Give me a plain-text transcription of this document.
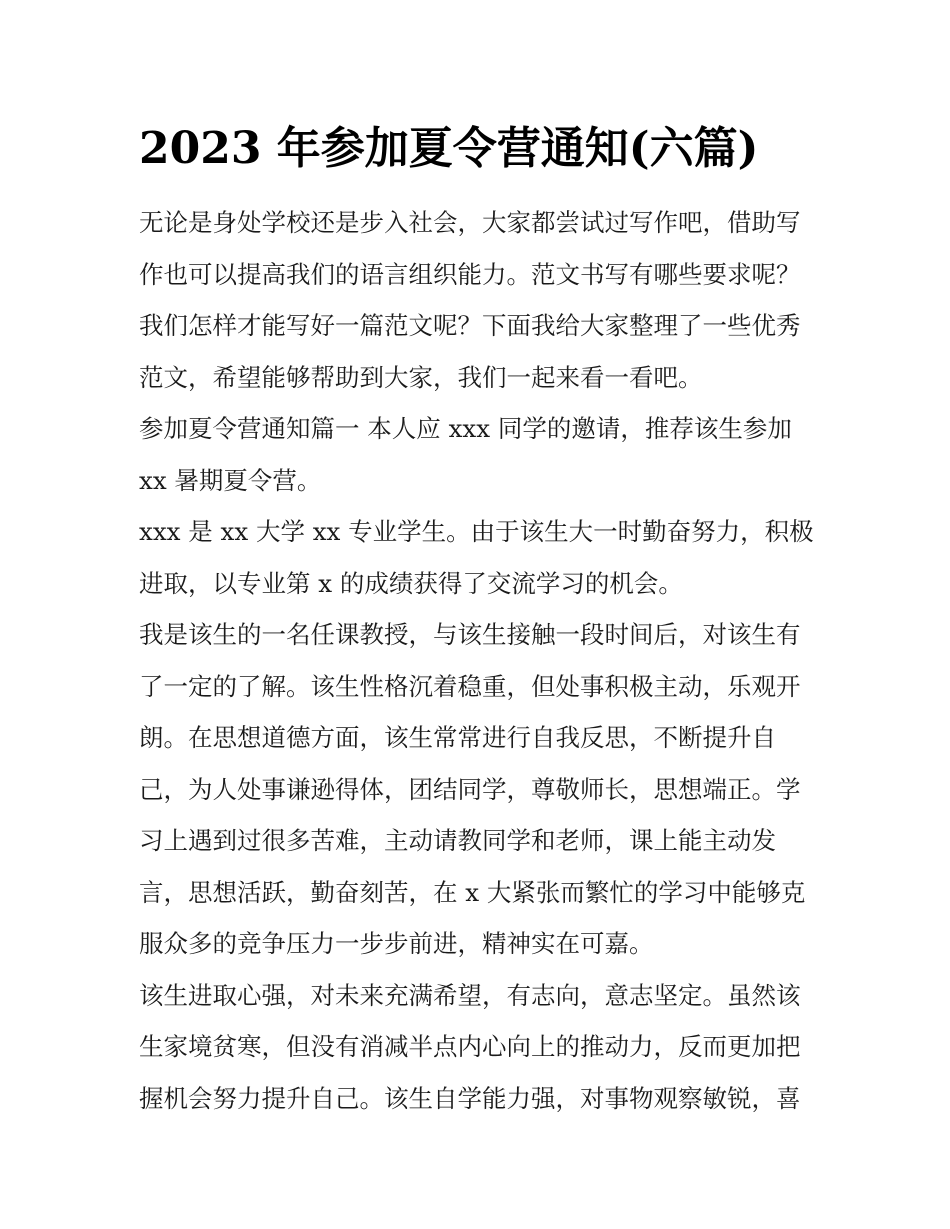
2023 年参加夏令营通知(六篇)

无论是身处学校还是步入社会，大家都尝试过写作吧，借助写

作也可以提高我们的语言组织能力。范文书写有哪些要求呢？

我们怎样才能写好一篇范文呢？下面我给大家整理了一些优秀

范文，希望能够帮助到大家，我们一起来看一看吧。

参加夏令营通知篇一 本人应 xxx 同学的邀请，推荐该生参加

xx 暑期夏令营。

xxx 是 xx 大学 xx 专业学生。由于该生大一时勤奋努力，积极

进取，以专业第 x 的成绩获得了交流学习的机会。

我是该生的一名任课教授，与该生接触一段时间后，对该生有

了一定的了解。该生性格沉着稳重，但处事积极主动，乐观开

朗。在思想道德方面，该生常常进行自我反思，不断提升自

己，为人处事谦逊得体，团结同学，尊敬师长，思想端正。学

习上遇到过很多苦难，主动请教同学和老师，课上能主动发

言，思想活跃，勤奋刻苦，在 x 大紧张而繁忙的学习中能够克

服众多的竞争压力一步步前进，精神实在可嘉。

该生进取心强，对未来充满希望，有志向，意志坚定。虽然该

生家境贫寒，但没有消减半点内心向上的推动力，反而更加把

握机会努力提升自己。该生自学能力强，对事物观察敏锐，喜
